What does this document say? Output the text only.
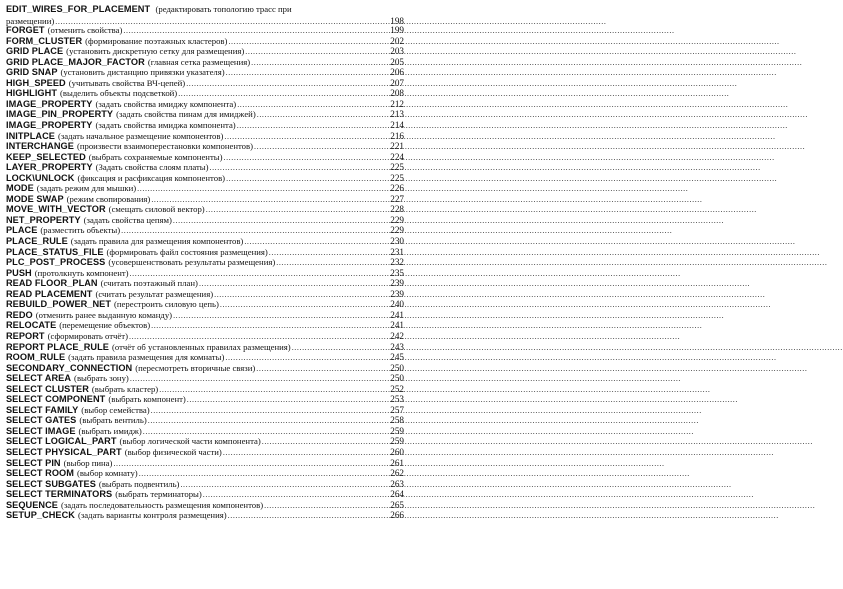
EDIT_WIRES_FOR_PLACEMENT (редактировать топологию трасс при
размещении) .....	198
FORGET (отменить свойства) .....	199
FORM_CLUSTER (формирование поэтажных кластеров) .....	202
GRID PLACE (установить дискретную сетку для размещения) .....	203
GRID PLACE_MAJOR_FACTOR (главная сетка размещения) .....	205
GRID SNAP (установить дистанцию привязки указателя) .....	206
HIGH_SPEED (учитывать свойства ВЧ-цепей) .....	207
HIGHLIGHT (выделить объекты подсветкой) .....	208
IMAGE_PROPERTY (задать свойства имиджу компонента) .....	212
IMAGE_PIN_PROPERTY (задать свойства пинам для имиджей) .....	213
IMAGE_PROPERTY (задать свойства имиджа компонента) .....	214
INITPLACE (задать начальное размещение компонентов) .....	216
INTERCHANGE (произвести взаимоперестановки компонентов) .....	221
KEEP_SELECTED (выбрать сохраняемые компоненты) .....	224
LAYER_PROPERTY (Задать свойства слоям платы) .....	225
LOCK\UNLOCK (фиксация и расфиксация компонентов) .....	225
MODE (задать режим для мышки) .....	226
MODE SWAP (режим свопирования) .....	227
MOVE_WITH_VECTOR (смещать силовой вектор) .....	228
NET_PROPERTY (задать свойства цепям) .....	229
PLACE (разместить объекты) .....	229
PLACE_RULE (задать правила для размещения компонентов) .....	230
PLACE_STATUS_FILE (формировать файл состояния размещения) .....	231
PLC_POST_PROCESS (усовершенствовать результаты размещения) .....	232
PUSH (протолкнуть компонент) .....	235
READ FLOOR_PLAN (считать поэтажный план) .....	239
READ PLACEMENT (считать результат размещения) .....	239
REBUILD_POWER_NET (перестроить силовую цепь) .....	240
REDO (отменить ранее выданную команду) .....	241
RELOCATE (перемещение объектов) .....	241
REPORT (сформировать отчёт) .....	242
REPORT PLACE_RULE (отчёт об установленных правилах размещения) .....	243
ROOM_RULE (задать правила размещения для комнаты) .....	245
SECONDARY_CONNECTION (пересмотреть вторичные связи) .....	250
SELECT AREA (выбрать зону) .....	250
SELECT CLUSTER (выбрать кластер) .....	252
SELECT COMPONENT (выбрать компонент) .....	253
SELECT FAMILY (выбор семейства) .....	257
SELECT GATES (выбрать вентиль) .....	258
SELECT IMAGE (выбрать имидж) .....	259
SELECT LOGICAL_PART (выбор логической части компонента) .....	259
SELECT PHYSICAL_PART (выбор физической части) .....	260
SELECT PIN (выбор пина) .....	261
SELECT ROOM (выбор комнату) .....	262
SELECT SUBGATES (выбрать подвентиль) .....	263
SELECT TERMINATORS (выбрать терминаторы) .....	264
SEQUENCE (задать последовательность размещения компонентов) .....	265
SETUP_CHECK (задать варианты контроля размещения) .....	266
